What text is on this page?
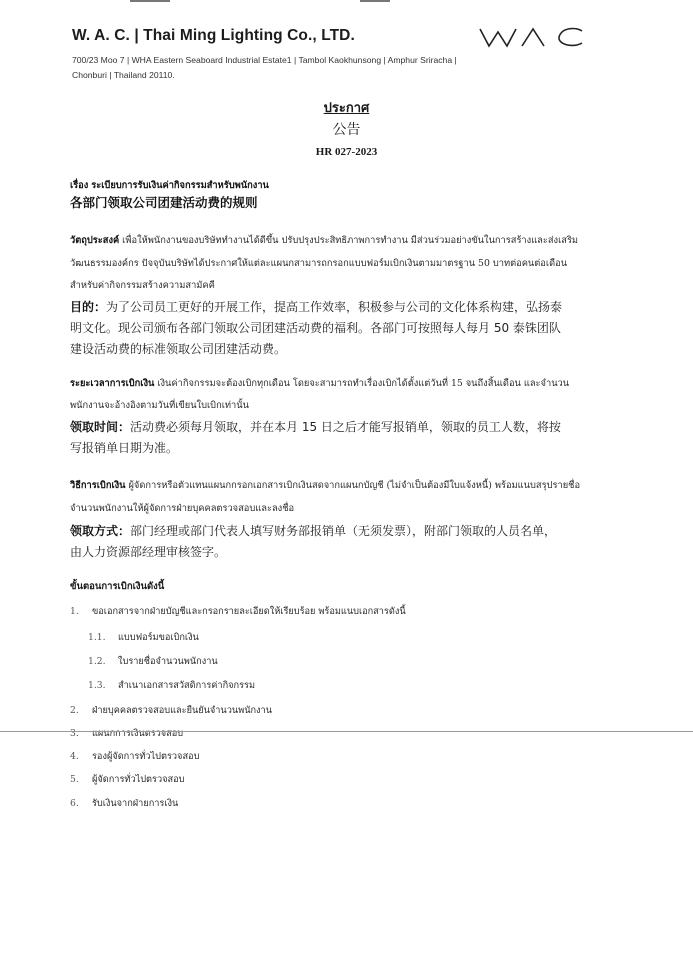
W. A. C. | Thai Ming Lighting Co., LTD.
700/23 Moo 7 | WHA Eastern Seaboard Industrial Estate1 | Tambol Kaokhunsong | Amphur Sriracha |
Chonburi | Thailand 20110.
ประกาศ
公告
HR 027-2023
เรื่อง ระเบียบการรับเงินค่ากิจกรรมสำหรับพนักงาน
各部门领取公司团建活动费的规则
วัตถุประสงค์ เพื่อให้พนักงานของบริษัททำงานได้ดีขึ้น ปรับปรุงประสิทธิภาพการทำงาน มีส่วนร่วมอย่างขันในการสร้างและส่งเสริม
วัฒนธรรมองค์กร ปัจจุบันบริษัทได้ประกาศให้แต่ละแผนกสามารถกรอกแบบฟอร์มเบิกเงินตามมาตรฐาน 50 บาทต่อคนต่อเดือน
สำหรับค่ากิจกรรมสร้างความสามัคคี
目的：为了公司员工更好的开展工作，提高工作效率，积极参与公司的文化体系构建，弘扬泰
明文化。现公司颁布各部门领取公司团建活动费的福利。各部门可按照每人每月 50 泰铢团队
建设活动费的标准领取公司团建活动费。
ระยะเวลาการเบิกเงิน เงินค่ากิจกรรมจะต้องเบิกทุกเดือน โดยจะสามารถทำเรื่องเบิกได้ตั้งแต่วันที่ 15 จนถึงสิ้นเดือน และจำนวน
พนักงานจะอ้างอิงตามวันที่เขียนใบเบิกเท่านั้น
领取时间：活动费必须每月领取，并在本月 15 日之后才能写报销单，领取的员工人数，将按
写报销单日期为准。
วิธีการเบิกเงิน ผู้จัดการหรือตัวแทนแผนกกรอกเอกสารเบิกเงินสดจากแผนกบัญชี (ไม่จำเป็นต้องมีใบแจ้งหนี้) พร้อมแนบสรุปรายชื่อ
จำนวนพนักงานให้ผู้จัดการฝ่ายบุคคลตรวจสอบและลงชื่อ
领取方式：部门经理或部门代表人填写财务部报销单（无须发票），附部门领取的人员名单，
由人力资源部经理审核签字。
ขั้นตอนการเบิกเงินดังนี้
1. ขอเอกสารจากฝ่ายบัญชีและกรอกรายละเอียดให้เรียบร้อย พร้อมแนบเอกสารดังนี้
1.1. แบบฟอร์มขอเบิกเงิน
1.2. ใบรายชื่อจำนวนพนักงาน
1.3. สำเนาเอกสารสวัสดิการค่ากิจกรรม
2. ฝ่ายบุคคลตรวจสอบและยืนยันจำนวนพนักงาน
3. แผนกการเงินตรวจสอบ
4. รองผู้จัดการทั่วไปตรวจสอบ
5. ผู้จัดการทั่วไปตรวจสอบ
6. รับเงินจากฝ่ายการเงิน
